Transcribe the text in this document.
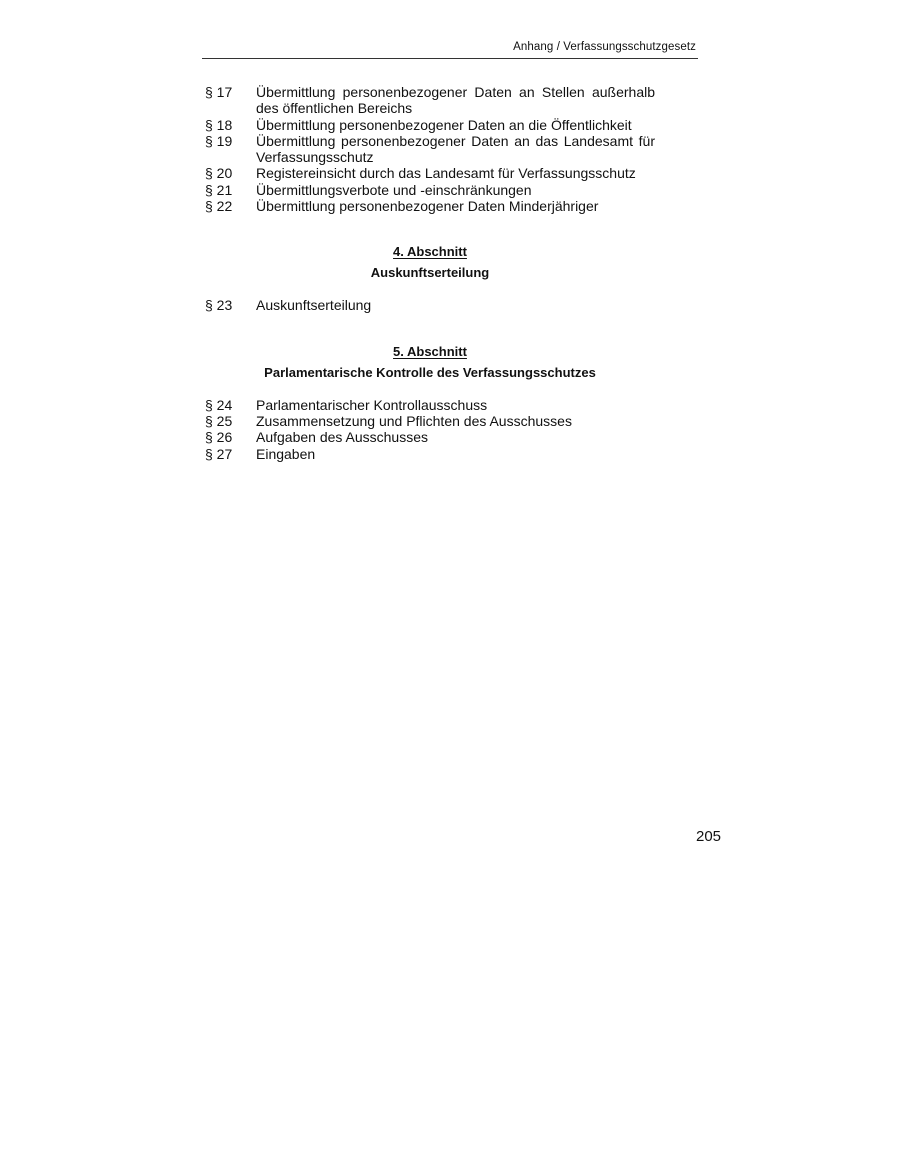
Anhang / Verfassungsschutzgesetz
§ 17	Übermittlung personenbezogener Daten an Stellen außerhalb des öffentlichen Bereichs
§ 18	Übermittlung personenbezogener Daten an die Öffentlichkeit
§ 19	Übermittlung personenbezogener Daten an das Landesamt für Verfassungsschutz
§ 20	Registereinsicht durch das Landesamt für Verfassungsschutz
§ 21	Übermittlungsverbote und -einschränkungen
§ 22	Übermittlung personenbezogener Daten Minderjähriger
4. Abschnitt
Auskunftserteilung
§ 23	Auskunftserteilung
5. Abschnitt
Parlamentarische Kontrolle des Verfassungsschutzes
§ 24	Parlamentarischer Kontrollausschuss
§ 25	Zusammensetzung und Pflichten des Ausschusses
§ 26	Aufgaben des Ausschusses
§ 27	Eingaben
205
